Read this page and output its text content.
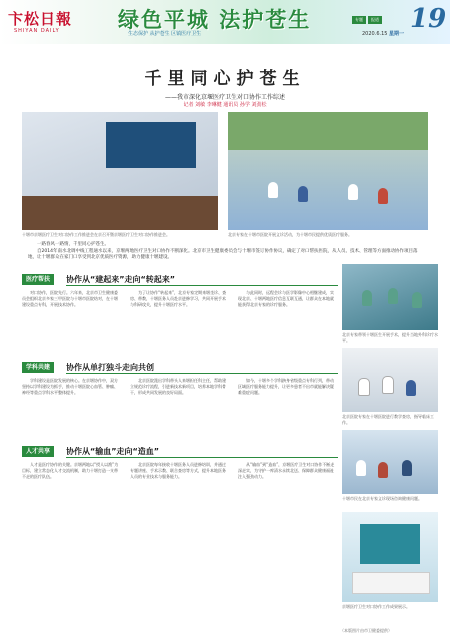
卞松日報
SHIYAN DAILY	绿色平城 法护苍生
生态保护 从护苍生 区镇医疗卫生
专题	报道 19
2020.6.15 星期一
千里同心护苍生
——我市深化京堰医疗卫生对口协作工作综述
记者 刘敏 李琳健 通讯员 孙学 刘劲松
十堰市京堰医疗卫生对口协作工作推进会在京召开暨京堰医疗卫生对口协作推进会。	北京专家在十堰市医院开展义诊活动，为十堰市民提供优质医疗服务。

一路春风一路情，千里同心护苍生。

自2014年南水北调中线工程通水以来，京堰两地医疗卫生对口协作不断深化。北京市卫生健康委员会与十堰市签订协作协议，确定了对口帮扶医院，从人员、技术、管理等方面推动协作项目落地，让十堰群众在家门口享受到北京优质医疗资源，助力健康十堰建设。

医疗帮扶	协作从“建起来”走向“转起来”

对口协作，医院先行。六年来，北京市卫生健康委员会组织北京多家三甲医院与十堰市医院结对，在十堰建设重点专科，开展技术协作。

为了让协作“转起来”，北京专家定期来堰坐诊、查房、带教，十堰医务人员赴京进修学习，共同开展手术与科研攻关，提升十堰医疗水平。

与此同时，远程会诊与医学影像中心相继建成，实现北京、十堰两地医疗信息互联互通，让群众在本地就能获得北京专家的诊疗服务。

学科共建	协作从单打独斗走向共创

学科建设是医院发展的核心。在京堰协作中，双方坚持以学科建设为抓手，推动十堰医院心血管、肿瘤、神经等重点学科水平整体提升。

北京医院派出学科带头人来堰担任科主任，帮助建立规范诊疗流程，引进新技术新项目，培养本地学科骨干，形成共同发展的良好局面。

如今，十堰多个学科跻身省级重点专科行列，带动区域医疗服务能力提升，让更多患者不出市就能解决疑难重症问题。

人才共享	协作从“输血”走向“造血”

人才是医疗协作的关键。京堰两地以“授人以渔”为目标，建立常态化人才交流机制，助力十堰打造一支带不走的医疗队伍。

北京医院每年接收十堰医务人员进修培训，并通过专题讲座、手术示教、联合查房等方式，提升本地医务人员的专业技术与服务能力。

从“输血”到“造血”，京堰医疗卫生对口协作不断走深走实，为守护一库清水永续北送、保障群众健康福祉注入强劲动力。

北京专家带领十堰医生开展手术，提升当地外科诊疗水平。
北京医院专家在十堰医院进行教学查房，指导临床工作。
十堰市民在北京专家义诊现场咨询健康问题。
京堰医疗卫生对口协作工作成果展示。
（本版图片由市卫健委提供）
